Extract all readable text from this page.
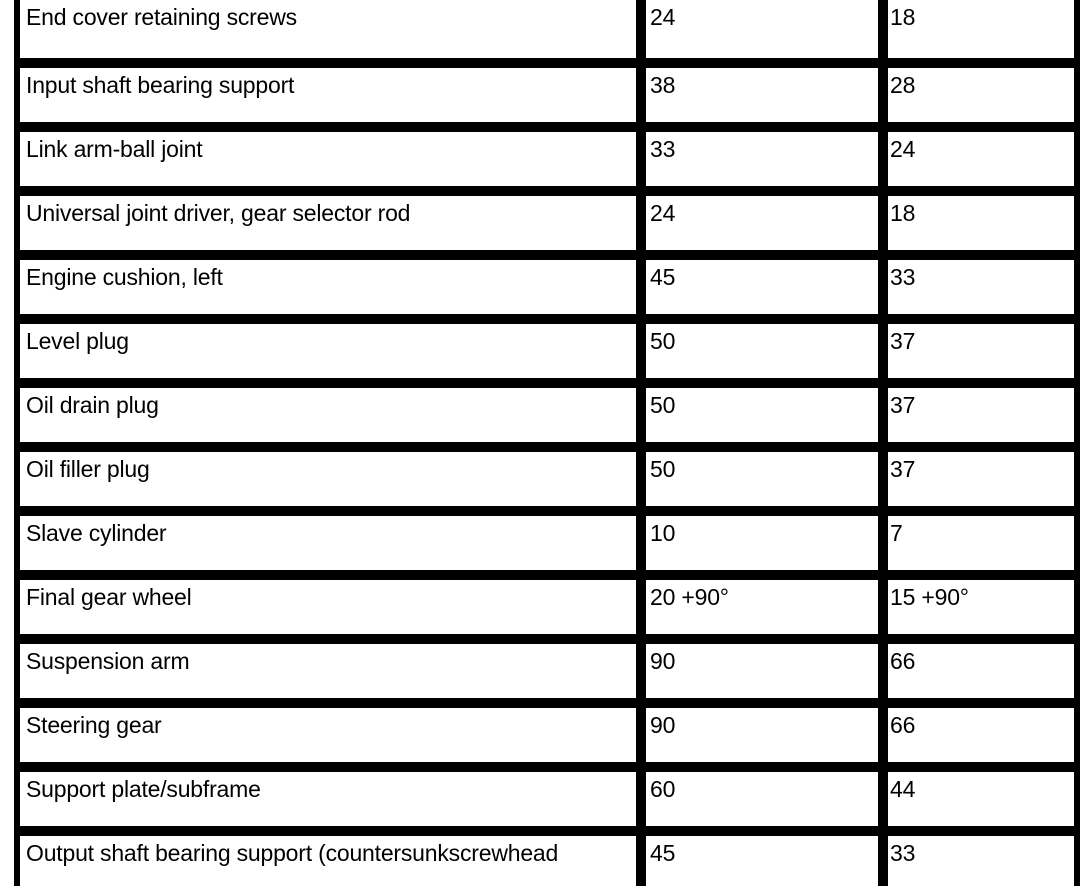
End cover retaining screws	24	18

Input shaft bearing support	38	28

Link arm-ball joint	33	24

Universal joint driver, gear selector rod	24	18

Engine cushion, left	45	33

Level plug	50	37

Oil drain plug	50	37

Oil filler plug	50	37

Slave cylinder	10	7

Final gear wheel	20 +90°	15 +90°

Suspension arm	90	66

Steering gear	90	66

Support plate/subframe	60	44

Output shaft bearing support (countersunkscrewhead	45	33
